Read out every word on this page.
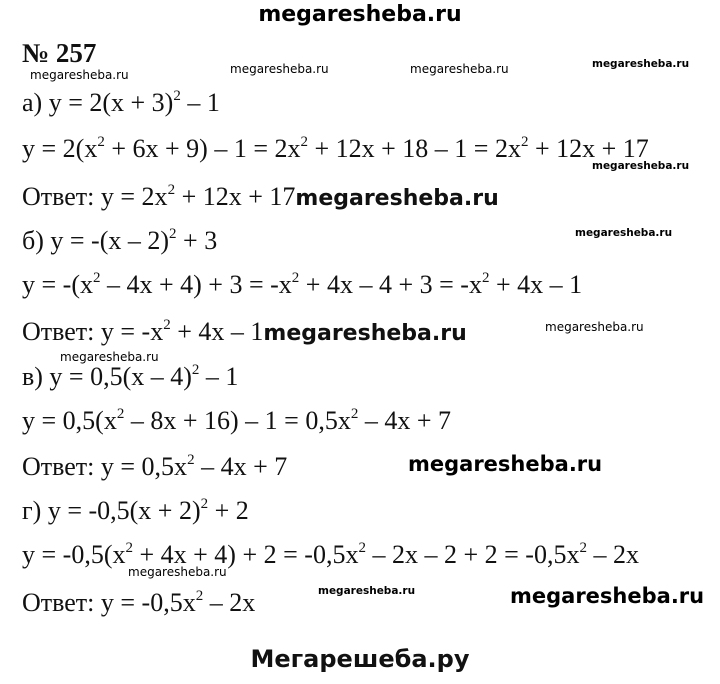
megaresheba.ru
№ 257
megaresheba.ru	megaresheba.ru	megaresheba.ru	megaresheba.ru
megaresheba.ru
megaresheba.ru
megaresheba.ru
megaresheba.ru
megaresheba.ru
megaresheba.ru
а) $y = 2(x + 3)^2 - 1$
$y = 2(x^2 + 6x + 9) - 1 = 2x^2 + 12x + 18 - 1 = 2x^2 + 12x + 17$
Ответ: $y = 2x^2 + 12x$ + 17megaresheba.ru
б) y = -(x – 2)$^2$ + 3
$y = -(x^2 - 4x + 4) + 3 = -x^2 + 4x - 4 + 3 = -x^2 + 4x - 1$
Ответ: $y = -x^2 + 4x$ – 1megaresheba.ru
в) y = 0,5(x – 4)$^2$ – 1
$y = 0,5(x^2 - 8x + 16) - 1 = 0,5x^2 - 4x + 7$
Ответ: $y = 0,5x^2 - 4x + 7$	megaresheba.ru
г) $y = -0,5(x + 2)^2 + 2$
$y = -0,5(x^2 + 4x + 4) + 2 = -0,5x^2 - 2x - 2 + 2 = -0,5x^2 - 2x$
Ответ: $y = -0,5x^2 - 2x$	megaresheba.ru
Мегарешеба.ру
